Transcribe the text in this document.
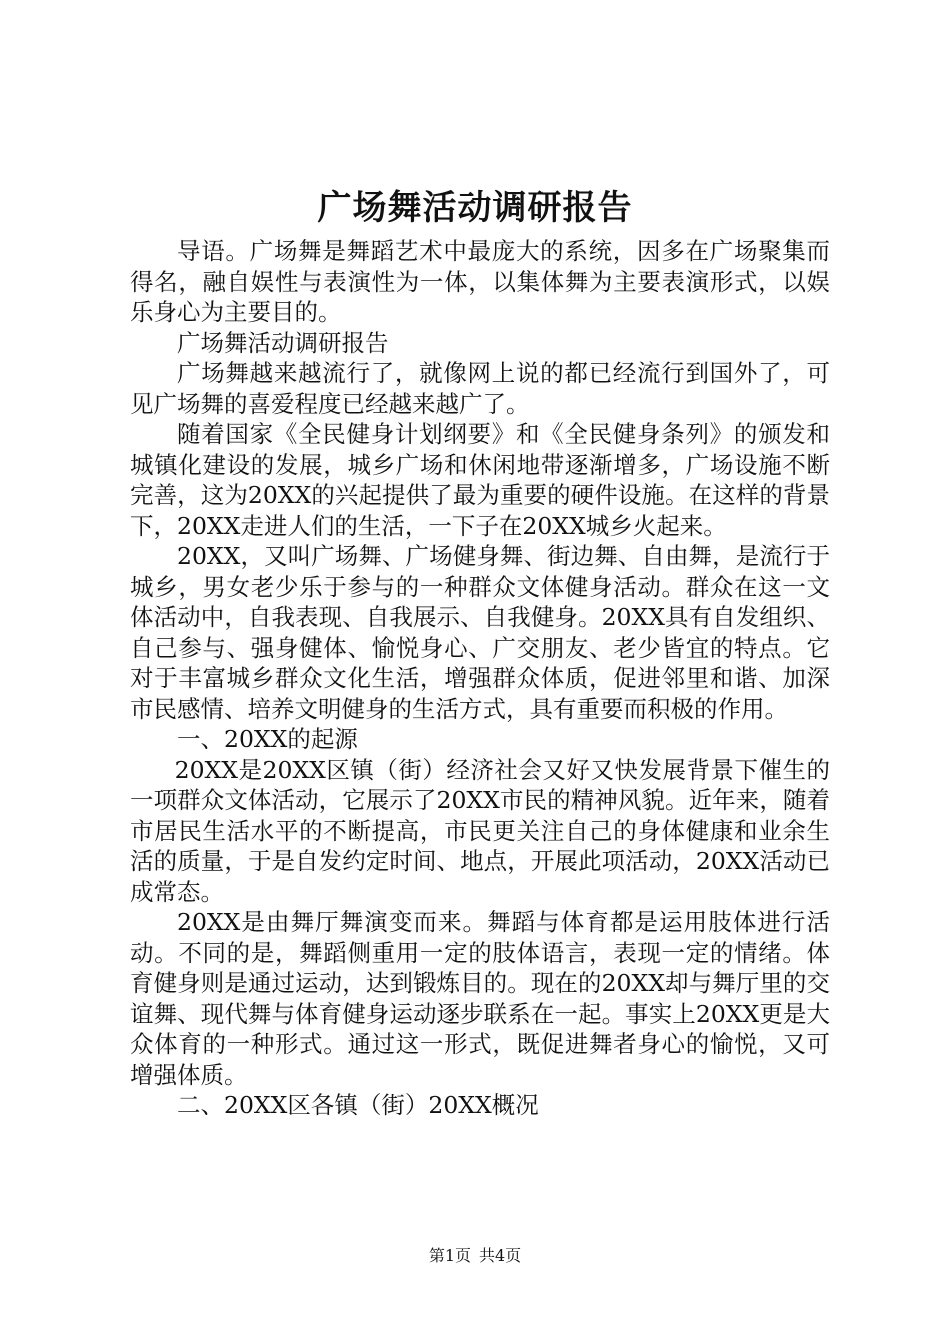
广场舞活动调研报告

导语。广场舞是舞蹈艺术中最庞大的系统，因多在广场聚集而得名，融自娱性与表演性为一体，以集体舞为主要表演形式，以娱乐身心为主要目的。

广场舞活动调研报告

广场舞越来越流行了，就像网上说的都已经流行到国外了，可见广场舞的喜爱程度已经越来越广了。

随着国家《全民健身计划纲要》和《全民健身条列》的颁发和城镇化建设的发展，城乡广场和休闲地带逐渐增多，广场设施不断完善，这为20XX的兴起提供了最为重要的硬件设施。在这样的背景下，20XX走进人们的生活，一下子在20XX城乡火起来。

20XX，又叫广场舞、广场健身舞、街边舞、自由舞，是流行于城乡，男女老少乐于参与的一种群众文体健身活动。群众在这一文体活动中，自我表现、自我展示、自我健身。20XX具有自发组织、自己参与、强身健体、愉悦身心、广交朋友、老少皆宜的特点。它对于丰富城乡群众文化生活，增强群众体质，促进邻里和谐、加深市民感情、培养文明健身的生活方式，具有重要而积极的作用。

一、20XX的起源

20XX是20XX区镇（街）经济社会又好又快发展背景下催生的一项群众文体活动，它展示了20XX市民的精神风貌。近年来，随着市居民生活水平的不断提高，市民更关注自己的身体健康和业余生活的质量，于是自发约定时间、地点，开展此项活动，20XX活动已成常态。

20XX是由舞厅舞演变而来。舞蹈与体育都是运用肢体进行活动。不同的是，舞蹈侧重用一定的肢体语言，表现一定的情绪。体育健身则是通过运动，达到锻炼目的。现在的20XX却与舞厅里的交谊舞、现代舞与体育健身运动逐步联系在一起。事实上20XX更是大众体育的一种形式。通过这一形式，既促进舞者身心的愉悦，又可增强体质。

二、20XX区各镇（街）20XX概况

第1页 共4页
